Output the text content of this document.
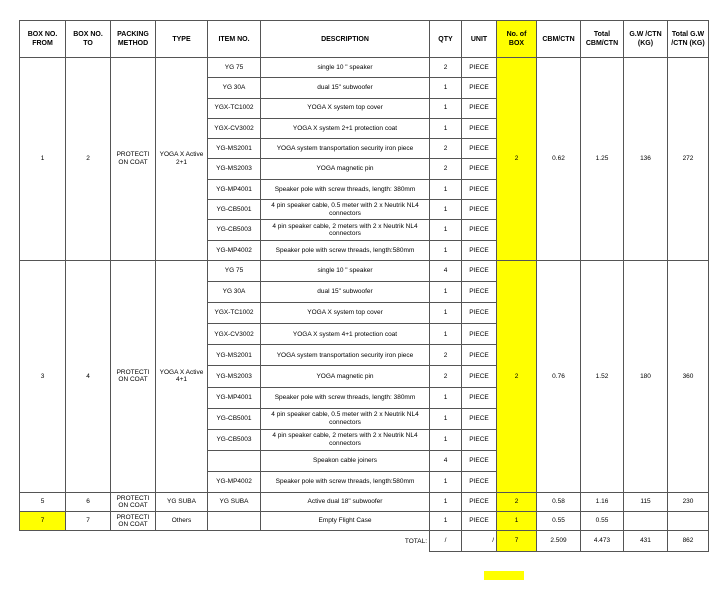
BOX NO. FROM	BOX NO. TO	PACKING METHOD	TYPE	ITEM NO.	DESCRIPTION	QTY	UNIT	No. of BOX	CBM/CTN	Total CBM/CTN	G.W /CTN (KG)	Total G.W /CTN (KG)
1	2	PROTECTI ON COAT	YOGA X Active 2+1	YG 75	single 10 " speaker	2	PIECE	2	0.62	1.25	136	272
				YG 30A	dual 15" subwoofer	1	PIECE					
				YGX-TC1002	YOGA X system top cover	1	PIECE					
				YGX-CV3002	YOGA X system 2+1 protection coat	1	PIECE					
				YG-MS2001	YOGA system transportation security iron piece	2	PIECE					
				YG-MS2003	YOGA magnetic pin	2	PIECE					
				YG-MP4001	Speaker pole with screw threads, length: 380mm	1	PIECE					
				YG-CB5001	4 pin speaker cable, 0.5 meter with 2 x Neutrik NL4 connectors	1	PIECE					
				YG-CB5003	4 pin speaker cable, 2 meters with 2 x Neutrik NL4 connectors	1	PIECE					
				YG-MP4002	Speaker pole with screw threads, length:580mm	1	PIECE					
3	4	PROTECTI ON COAT	YOGA X Active 4+1	YG 75	single 10 " speaker	4	PIECE	2	0.76	1.52	180	360
				YG 30A	dual 15" subwoofer	1	PIECE					
				YGX-TC1002	YOGA X system top cover	1	PIECE					
				YGX-CV3002	YOGA X system 4+1 protection coat	1	PIECE					
				YG-MS2001	YOGA system transportation security iron piece	2	PIECE					
				YG-MS2003	YOGA magnetic pin	2	PIECE					
				YG-MP4001	Speaker pole with screw threads, length: 380mm	1	PIECE					
				YG-CB5001	4 pin speaker cable, 0.5 meter with 2 x Neutrik NL4 connectors	1	PIECE					
				YG-CB5003	4 pin speaker cable, 2 meters with 2 x Neutrik NL4 connectors	1	PIECE					
					Speakon cable joiners	4	PIECE					
				YG-MP4002	Speaker pole with screw threads, length:580mm	1	PIECE					
5	6	PROTECTI ON COAT	YG SUBA	YG SUBA	Active dual 18" subwoofer	1	PIECE	2	0.58	1.16	115	230
7	7	PROTECTI ON COAT	Others		Empty Flight Case	1	PIECE	1	0.55	0.55		
TOTAL:						/	/	7	2.509	4.473	431	862
